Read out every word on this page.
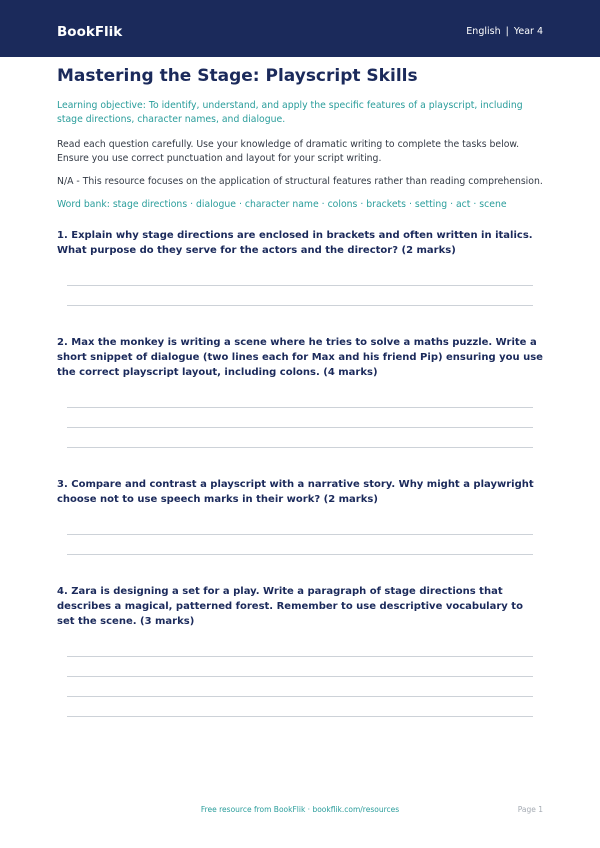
BookFlik	English | Year 4
Mastering the Stage: Playscript Skills
Learning objective: To identify, understand, and apply the specific features of a playscript, including stage directions, character names, and dialogue.
Read each question carefully. Use your knowledge of dramatic writing to complete the tasks below. Ensure you use correct punctuation and layout for your script writing.
N/A - This resource focuses on the application of structural features rather than reading comprehension.
Word bank: stage directions · dialogue · character name · colons · brackets · setting · act · scene
1. Explain why stage directions are enclosed in brackets and often written in italics. What purpose do they serve for the actors and the director? (2 marks)
2. Max the monkey is writing a scene where he tries to solve a maths puzzle. Write a short snippet of dialogue (two lines each for Max and his friend Pip) ensuring you use the correct playscript layout, including colons. (4 marks)
3. Compare and contrast a playscript with a narrative story. Why might a playwright choose not to use speech marks in their work? (2 marks)
4. Zara is designing a set for a play. Write a paragraph of stage directions that describes a magical, patterned forest. Remember to use descriptive vocabulary to set the scene. (3 marks)
Free resource from BookFlik · bookflik.com/resources	Page 1
